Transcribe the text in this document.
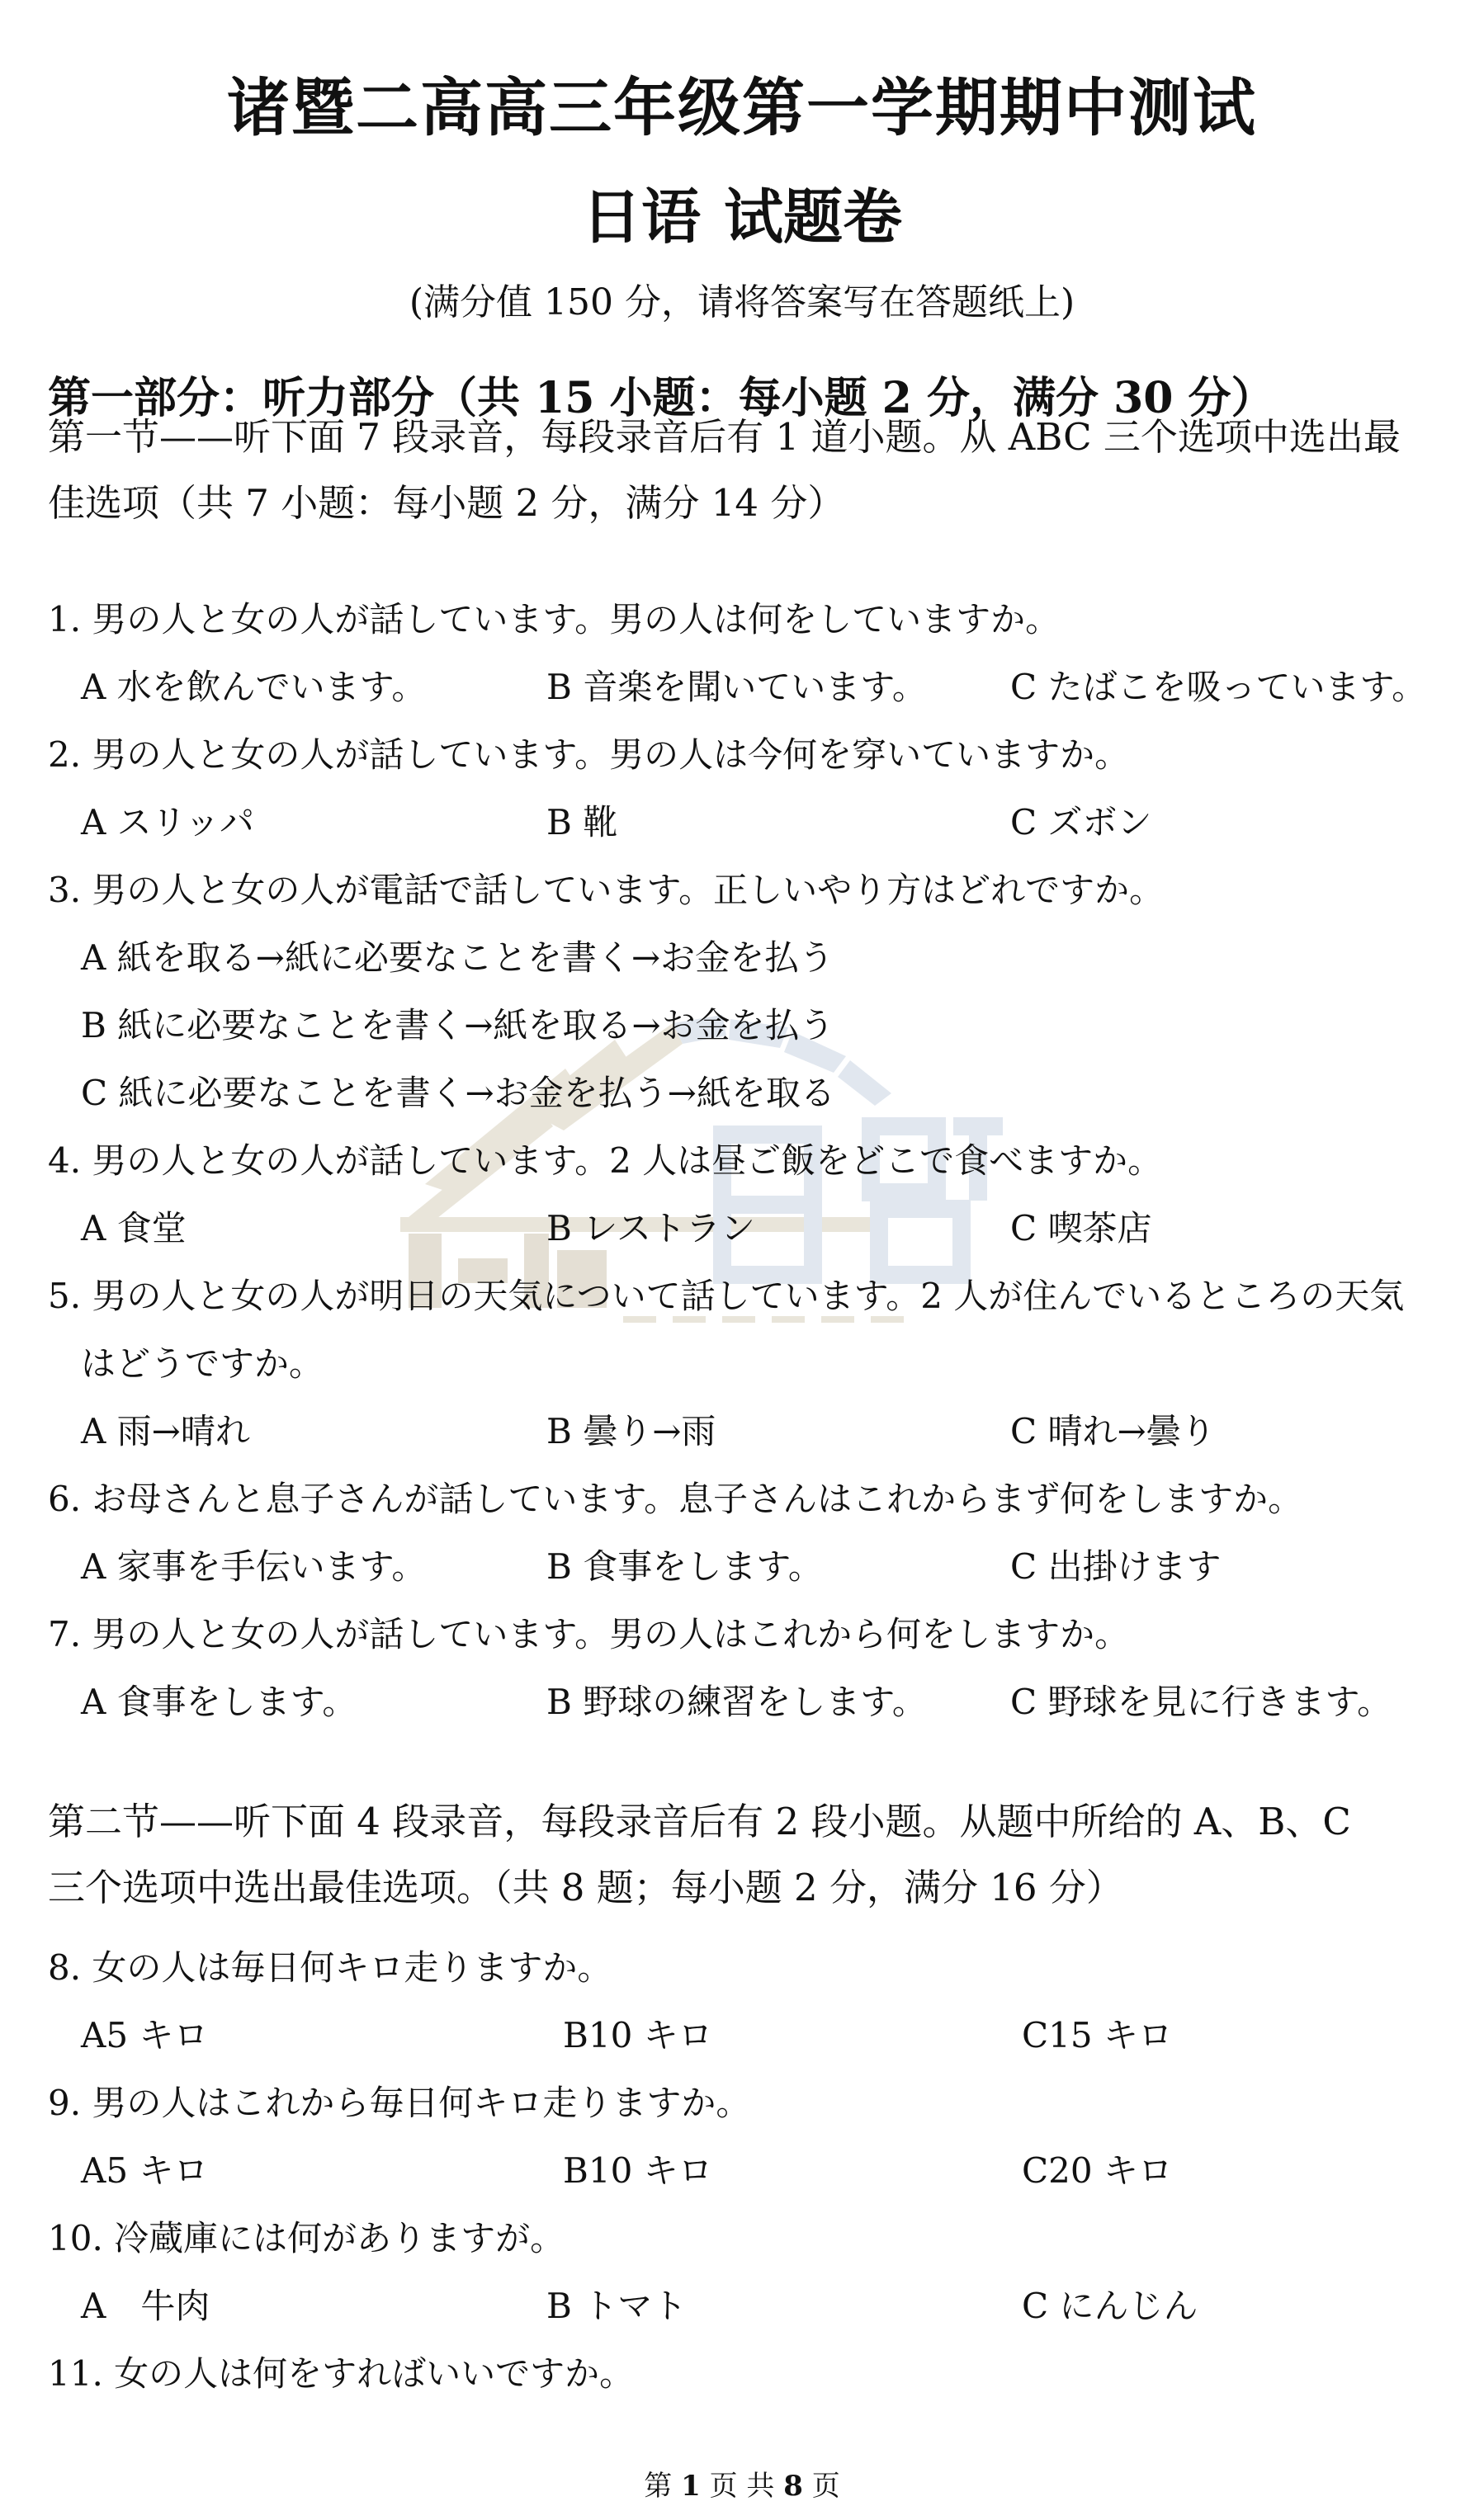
诸暨二高高三年级第一学期期中测试
日语 试题卷
(满分值 150 分，请将答案写在答题纸上)
第一部分：听力部分（共 15 小题：每小题 2 分，满分 30 分）
第一节——听下面 7 段录音，每段录音后有 1 道小题。从 ABC 三个选项中选出最
佳选项（共 7 小题：每小题 2 分，满分 14 分）
1. 男の人と女の人が話しています。男の人は何をしていますか。
A 水を飲んでいます。	B 音楽を聞いています。 C たばこを吸っています。
2. 男の人と女の人が話しています。男の人は今何を穿いていますか。
A スリッパ	B 靴	C ズボン
3. 男の人と女の人が電話で話しています。正しいやり方はどれですか。
A 紙を取る→紙に必要なことを書く→お金を払う
B 紙に必要なことを書く→紙を取る→お金を払う
C 紙に必要なことを書く→お金を払う→紙を取る
4. 男の人と女の人が話しています。2 人は昼ご飯をどこで食べますか。
A 食堂	B レストラン	C 喫茶店
5. 男の人と女の人が明日の天気について話しています。2 人が住んでいるところの天気
はどうですか。
A 雨→晴れ	B 曇り→雨	C 晴れ→曇り
6. お母さんと息子さんが話しています。息子さんはこれからまず何をしますか。
A 家事を手伝います。	B 食事をします。	C 出掛けます
7. 男の人と女の人が話しています。男の人はこれから何をしますか。
A 食事をします。	B 野球の練習をします。 C 野球を見に行きます。
第二节——听下面 4 段录音，每段录音后有 2 段小题。从题中所给的 A、B、C
三个选项中选出最佳选项。（共 8 题；每小题 2 分，满分 16 分）
8. 女の人は毎日何キロ走りますか。
A5 キロ	B10 キロ	C15 キロ
9. 男の人はこれから毎日何キロ走りますか。
A5 キロ	B10 キロ	C20 キロ
10. 冷蔵庫には何がありますが。
A　牛肉	B トマト	C にんじん
11. 女の人は何をすればいいですか。
第 1 页 共 8 页
